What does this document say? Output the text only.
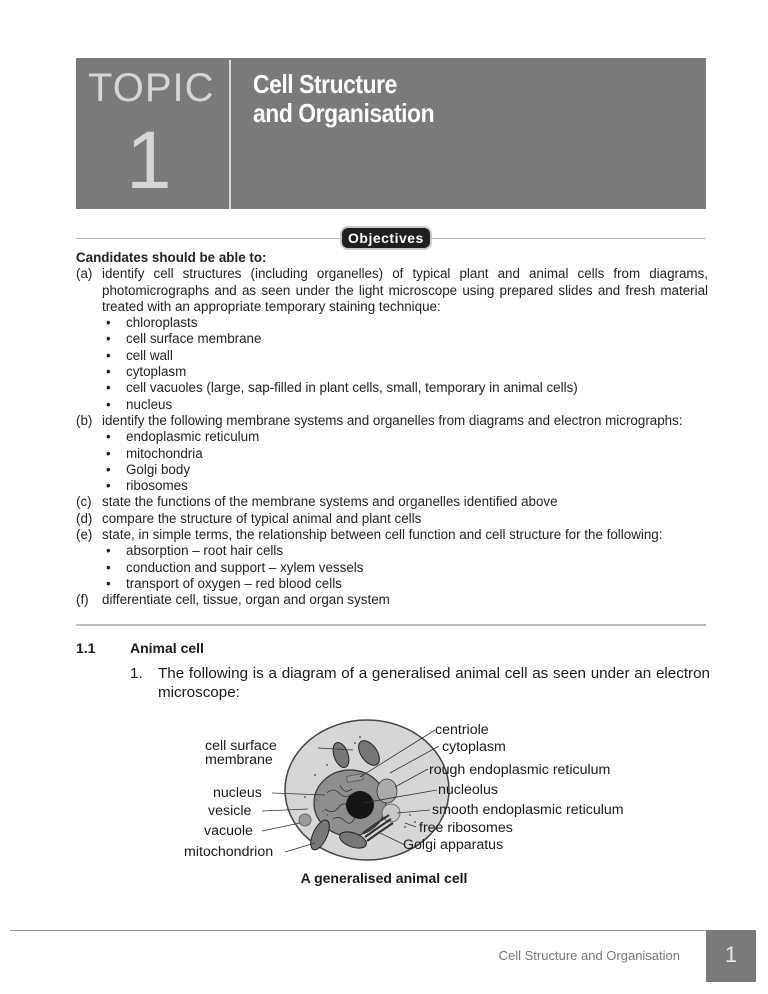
TOPIC
1
Cell Structure
and Organisation
Objectives
Candidates should be able to:
(a) identify cell structures (including organelles) of typical plant and animal cells from diagrams, photomicrographs and as seen under the light microscope using prepared slides and fresh material treated with an appropriate temporary staining technique:
• chloroplasts
• cell surface membrane
• cell wall
• cytoplasm
• cell vacuoles (large, sap-filled in plant cells, small, temporary in animal cells)
• nucleus
(b) identify the following membrane systems and organelles from diagrams and electron micrographs:
• endoplasmic reticulum
• mitochondria
• Golgi body
• ribosomes
(c) state the functions of the membrane systems and organelles identified above
(d) compare the structure of typical animal and plant cells
(e) state, in simple terms, the relationship between cell function and cell structure for the following:
• absorption – root hair cells
• conduction and support – xylem vessels
• transport of oxygen – red blood cells
(f) differentiate cell, tissue, organ and organ system
1.1 Animal cell
1. The following is a diagram of a generalised animal cell as seen under an electron microscope:
cell surface
membrane
nucleus
vesicle
vacuole
mitochondrion
centriole
cytoplasm
rough endoplasmic reticulum
nucleolus
smooth endoplasmic reticulum
free ribosomes
Golgi apparatus
A generalised animal cell
Cell Structure and Organisation	1
